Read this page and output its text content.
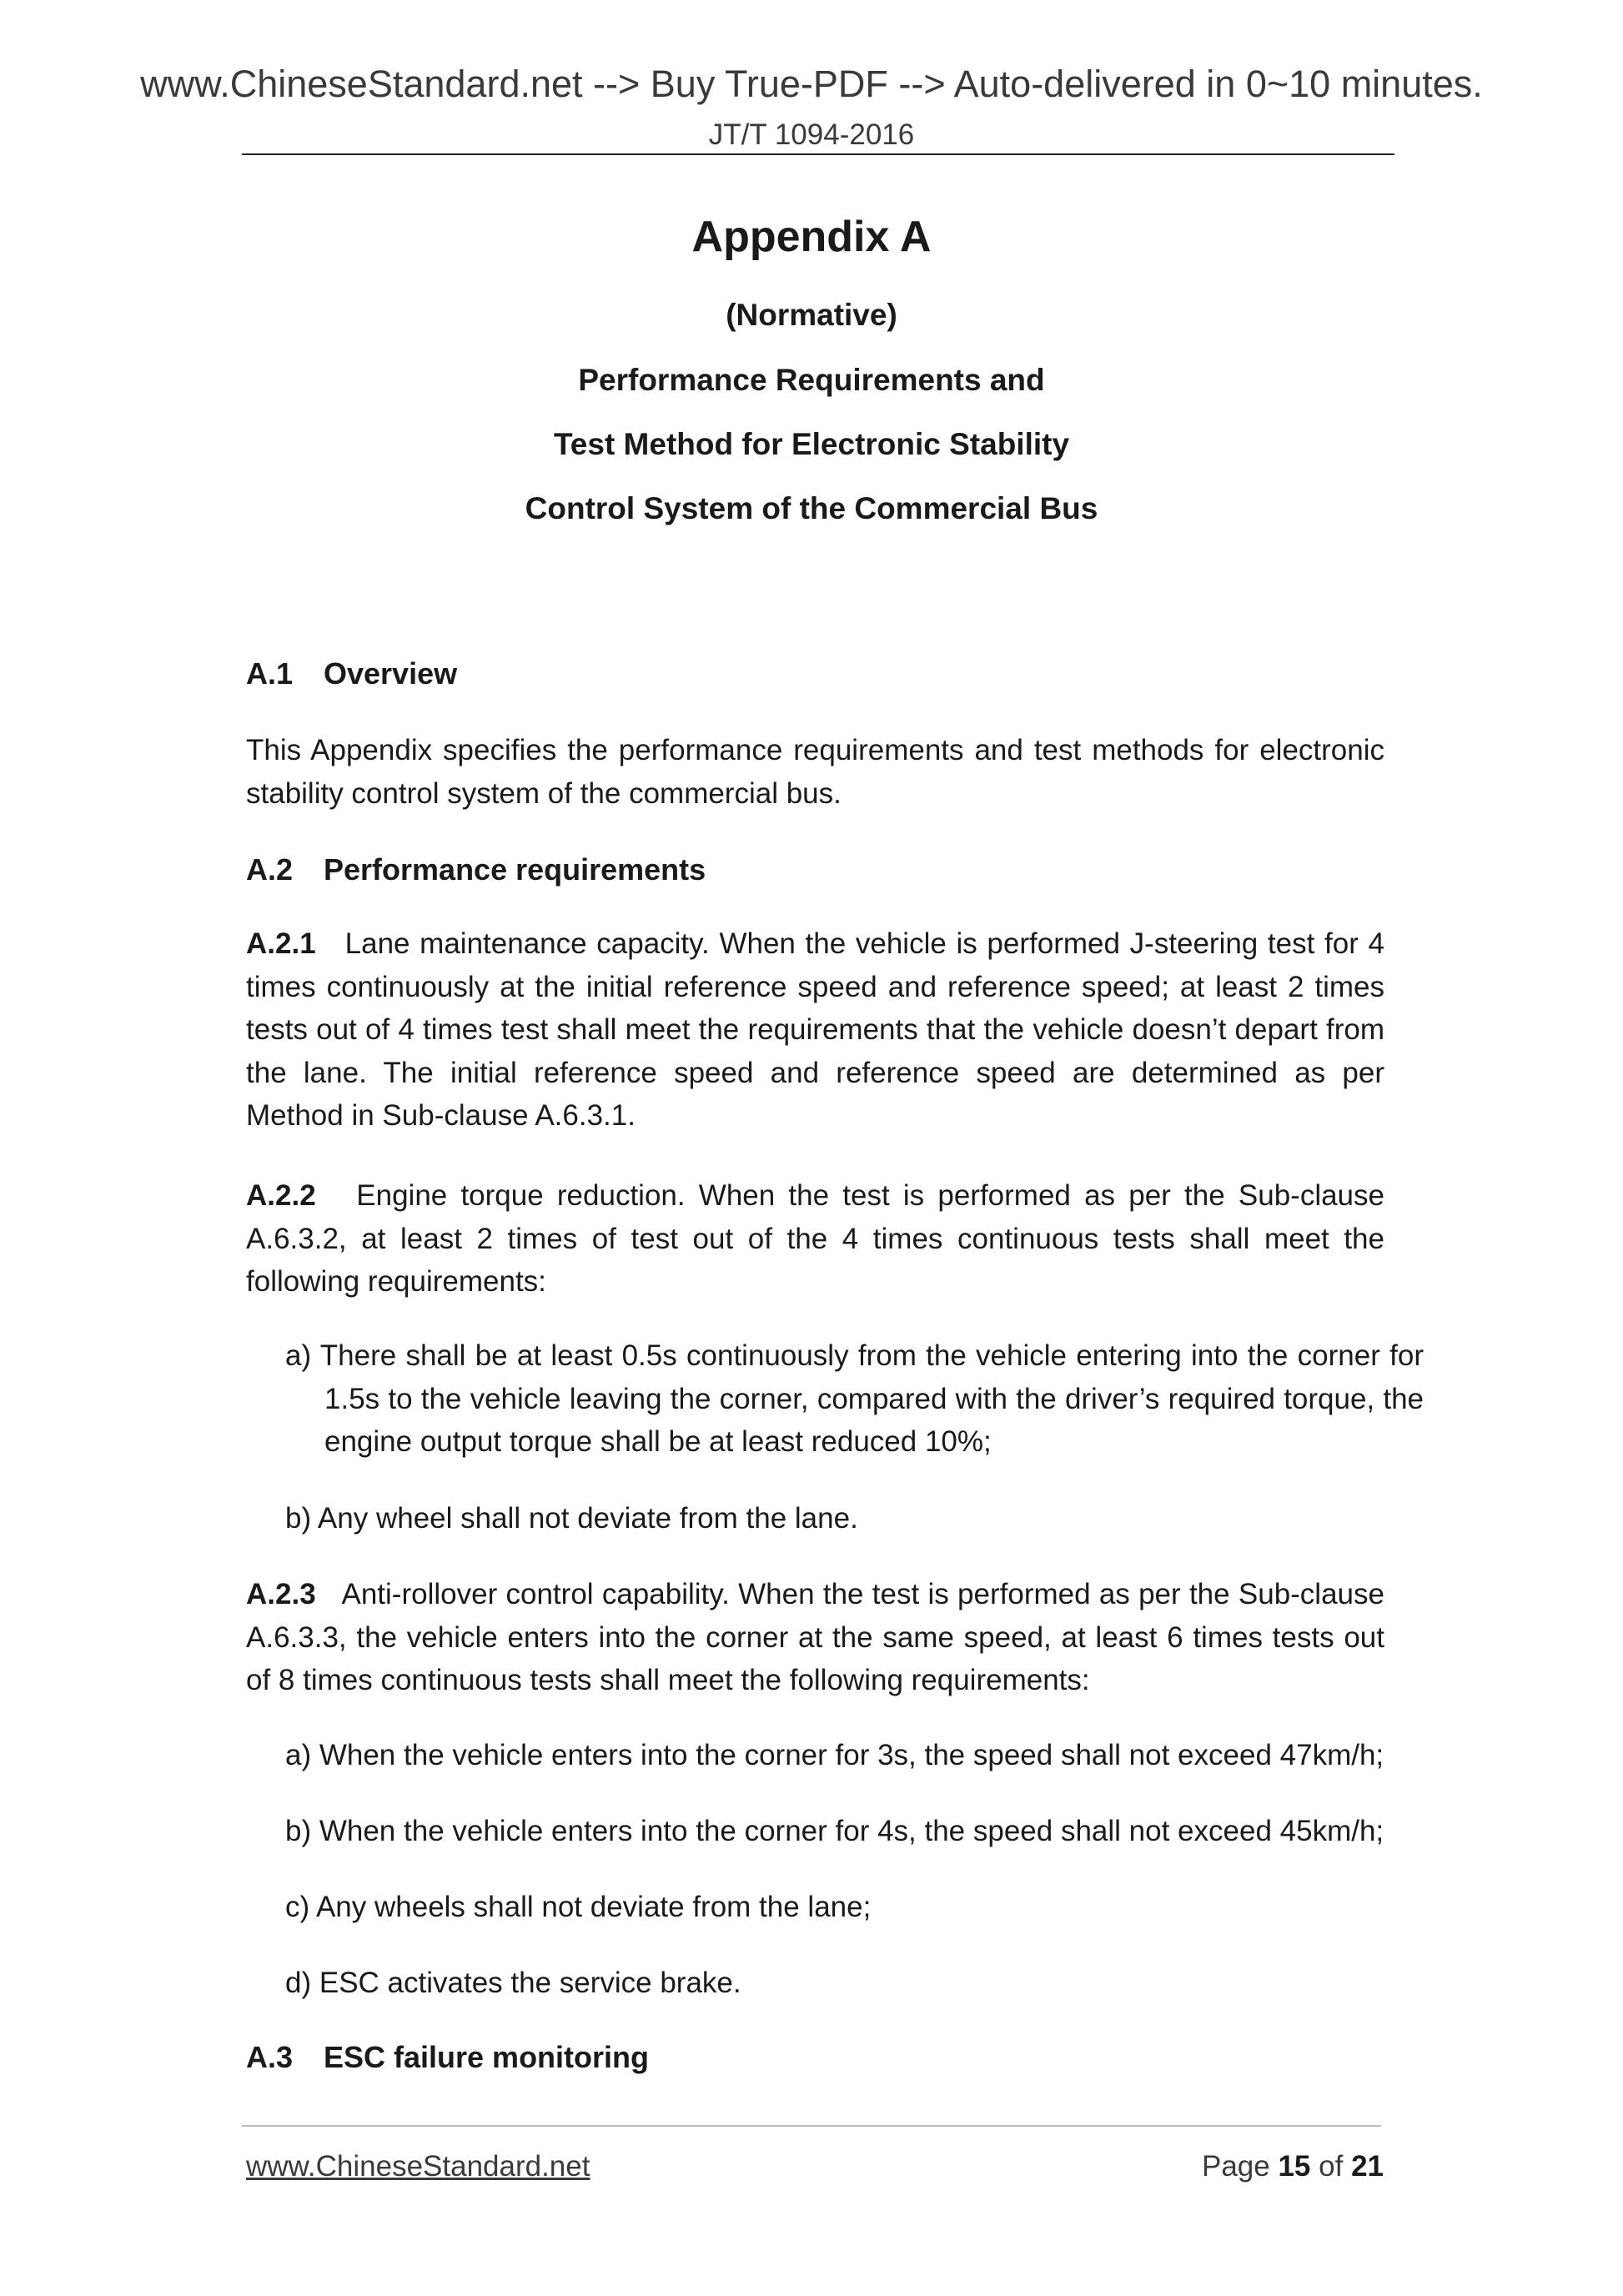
www.ChineseStandard.net --> Buy True-PDF --> Auto-delivered in 0~10 minutes.
JT/T 1094-2016
Appendix A
(Normative)
Performance Requirements and
Test Method for Electronic Stability
Control System of the Commercial Bus
A.1 Overview
This Appendix specifies the performance requirements and test methods for electronic stability control system of the commercial bus.
A.2 Performance requirements
A.2.1 Lane maintenance capacity. When the vehicle is performed J-steering test for 4 times continuously at the initial reference speed and reference speed; at least 2 times tests out of 4 times test shall meet the requirements that the vehicle doesn’t depart from the lane. The initial reference speed and reference speed are determined as per Method in Sub-clause A.6.3.1.
A.2.2 Engine torque reduction. When the test is performed as per the Sub-clause A.6.3.2, at least 2 times of test out of the 4 times continuous tests shall meet the following requirements:
a) There shall be at least 0.5s continuously from the vehicle entering into the corner for 1.5s to the vehicle leaving the corner, compared with the driver’s required torque, the engine output torque shall be at least reduced 10%;
b) Any wheel shall not deviate from the lane.
A.2.3 Anti-rollover control capability. When the test is performed as per the Sub-clause A.6.3.3, the vehicle enters into the corner at the same speed, at least 6 times tests out of 8 times continuous tests shall meet the following requirements:
a) When the vehicle enters into the corner for 3s, the speed shall not exceed 47km/h;
b) When the vehicle enters into the corner for 4s, the speed shall not exceed 45km/h;
c) Any wheels shall not deviate from the lane;
d) ESC activates the service brake.
A.3 ESC failure monitoring
www.ChineseStandard.net	Page 15 of 21
